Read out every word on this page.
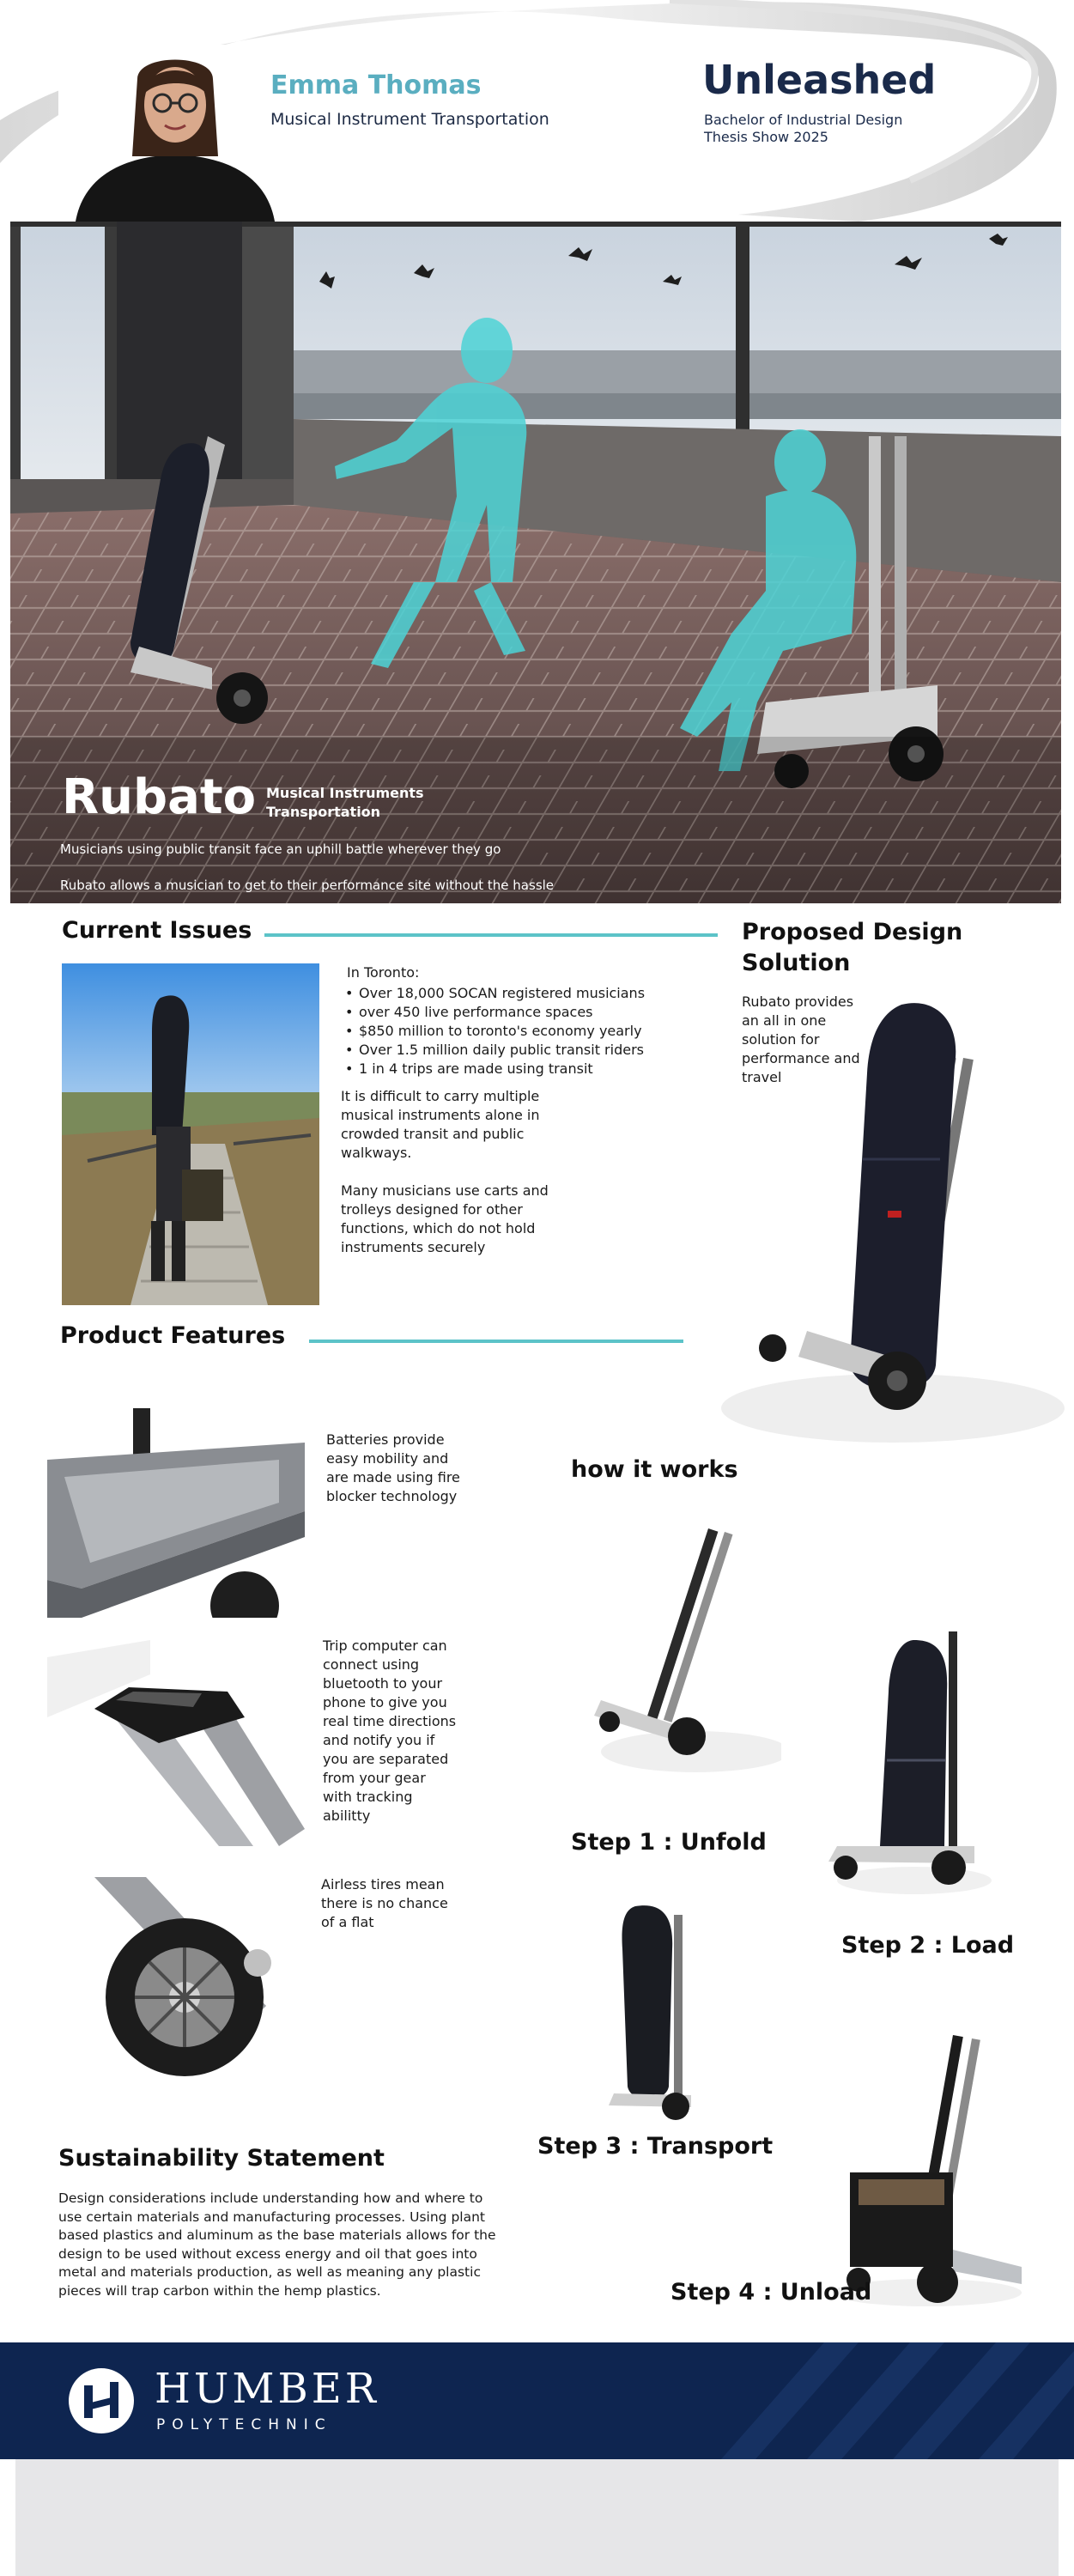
Emma Thomas
Musical Instrument Transportation
Unleashed
Bachelor of Industrial Design
Thesis Show 2025
Rubato Musical Instruments
Transportation
Musicians using public transit face an uphill battle wherever they go
Rubato allows a musician to get to their performance site without the hassle
Current Issues
In Toronto:
• Over 18,000 SOCAN registered musicians
• over 450 live performance spaces
• $850 million to toronto's economy yearly
• Over 1.5 million daily public transit riders
• 1 in 4 trips are made using transit
It is difficult to carry multiple
musical instruments alone in
crowded transit and public
walkways.
Many musicians use carts and
trolleys designed for other
functions, which do not hold
instruments securely
Proposed Design
Solution
Rubato provides
an all in one
solution for
performance and
travel
Product Features
Batteries provide
easy mobility and
are made using fire
blocker technology
Trip computer can
connect using
bluetooth to your
phone to give you
real time directions
and notify you if
you are separated
from your gear
with tracking
abilitty
Airless tires mean
there is no chance
of a flat
how it works
Step 1 : Unfold
Step 2 : Load
Step 3 : Transport
Step 4 : Unload
Sustainability Statement
Design considerations include understanding how and where to
use certain materials and manufacturing processes. Using plant
based plastics and aluminum as the base materials allows for the
design to be used without excess energy and oil that goes into
metal and materials production, as well as meaning any plastic
pieces will trap carbon within the hemp plastics.
HUMBER
POLYTECHNIC
